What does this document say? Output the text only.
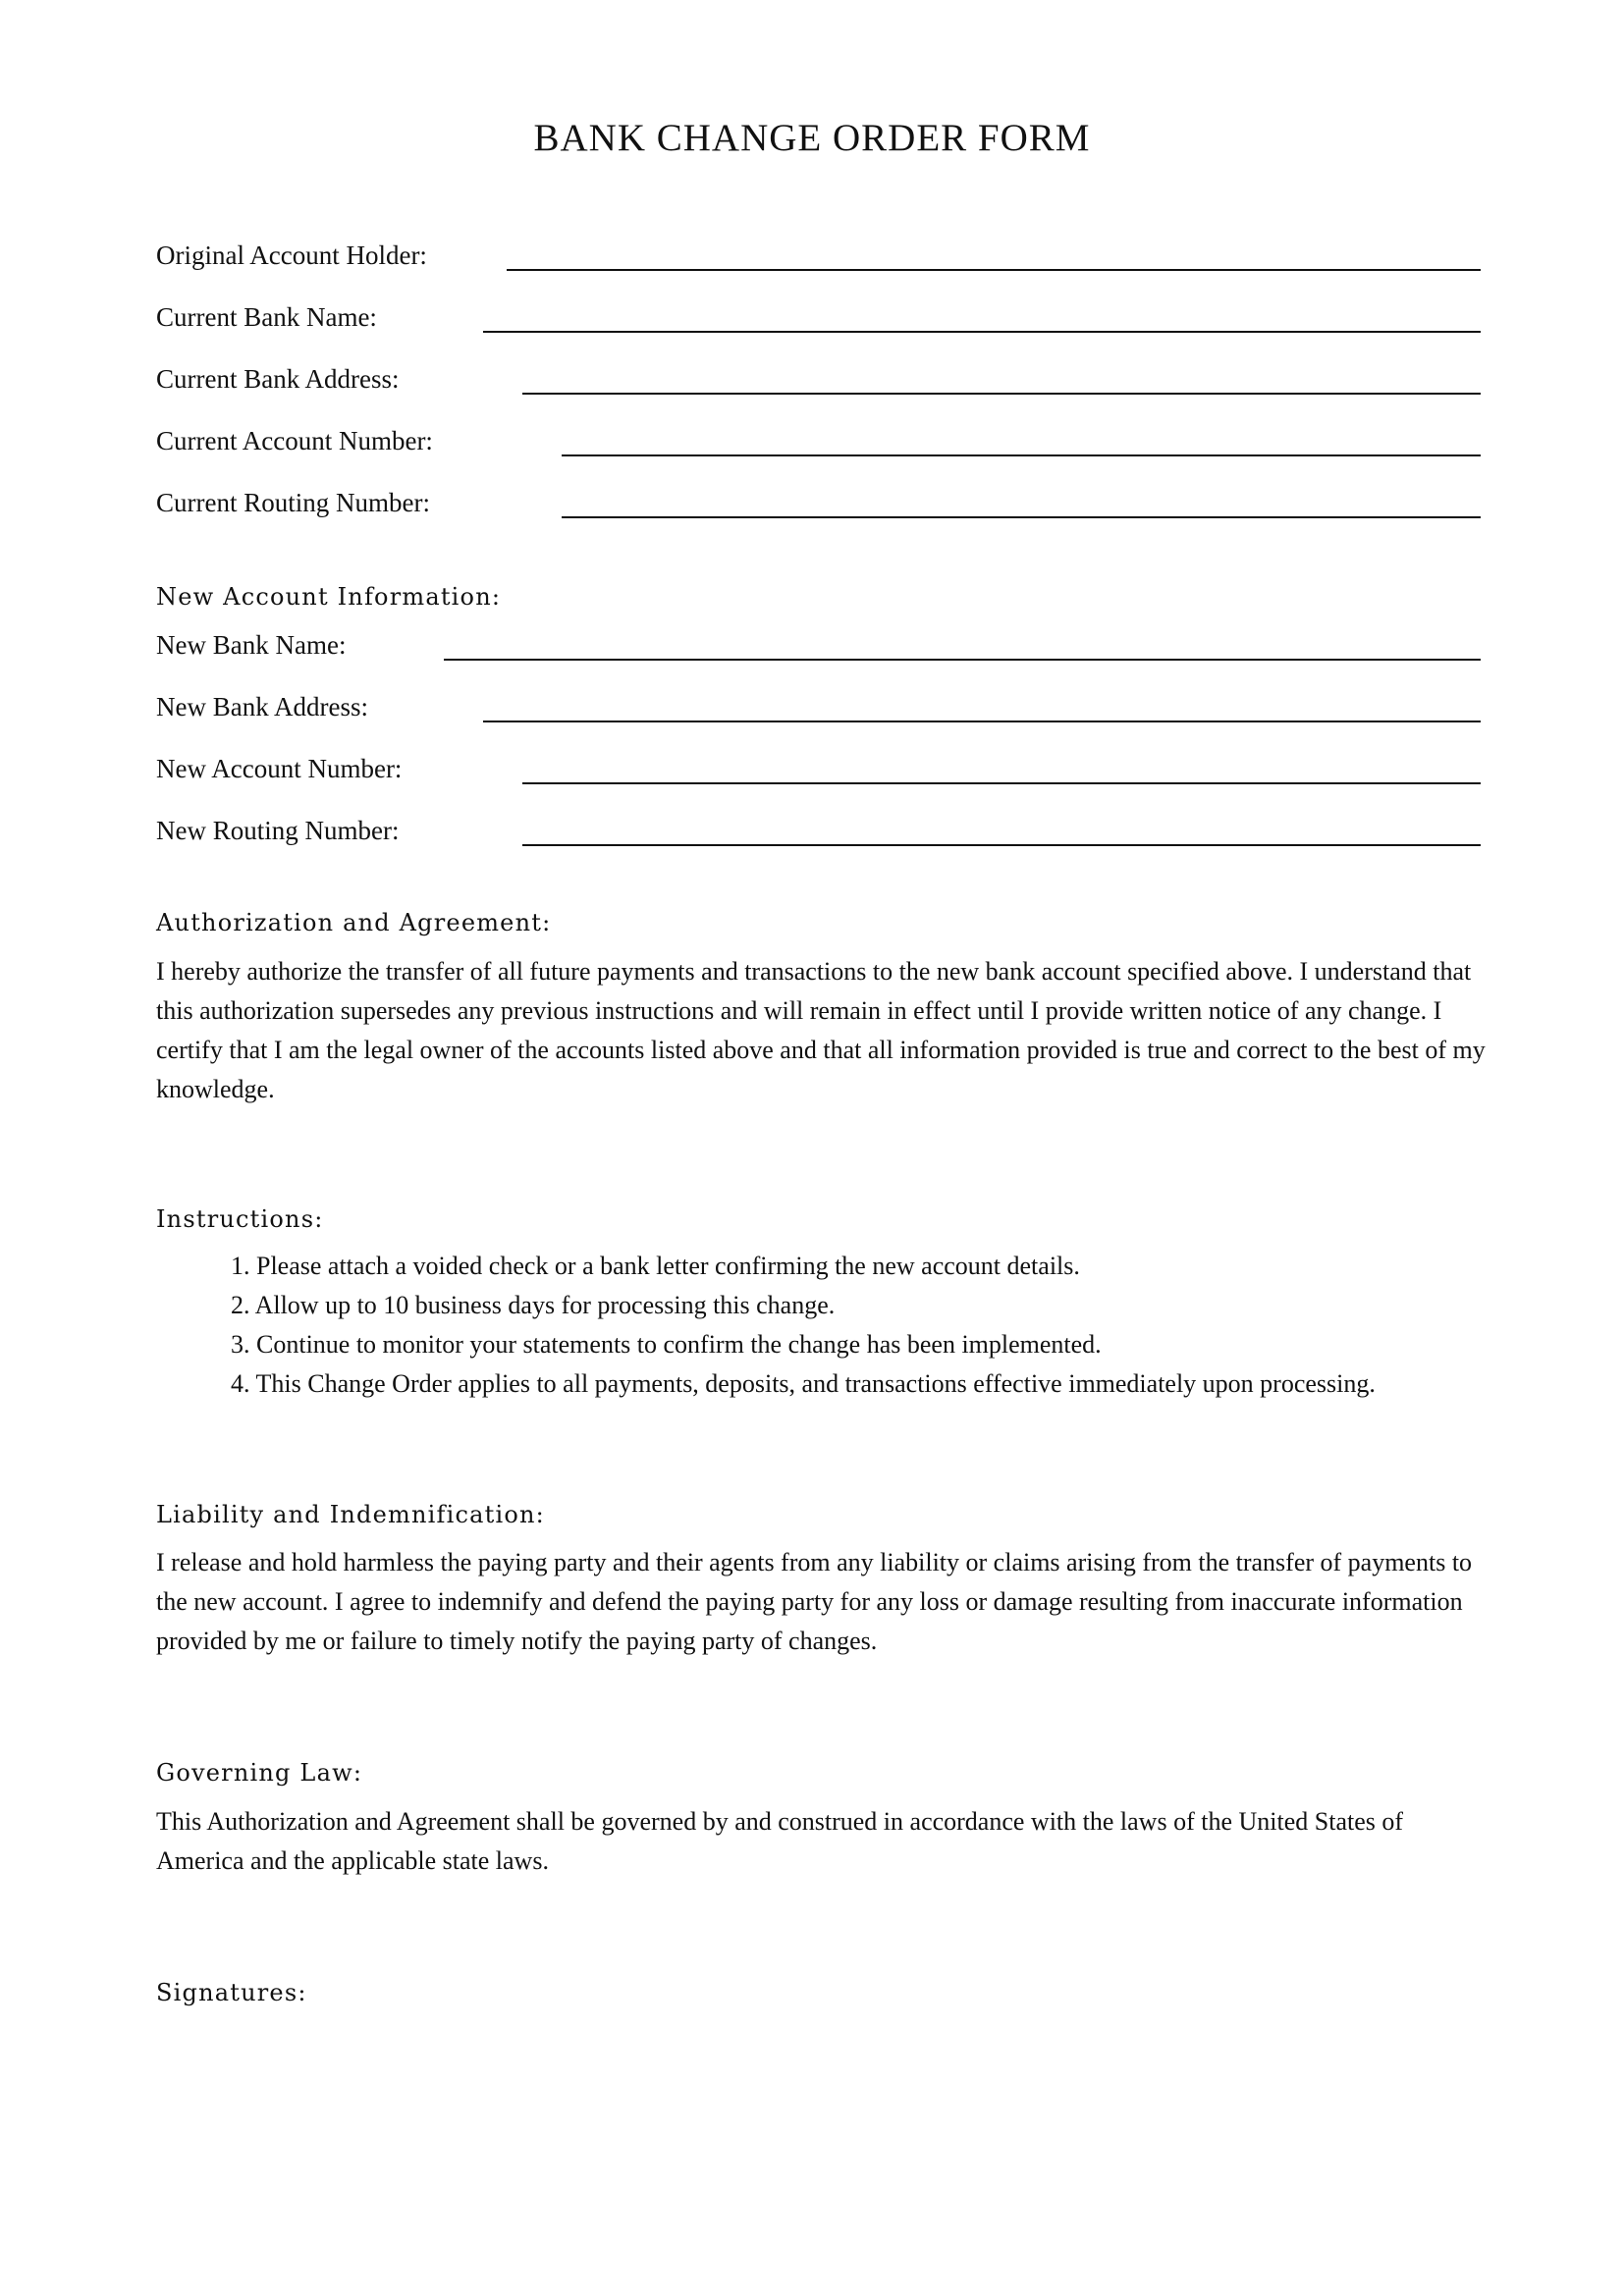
BANK CHANGE ORDER FORM
Original Account Holder:
Current Bank Name:
Current Bank Address:
Current Account Number:
Current Routing Number:
New Account Information:
New Bank Name:
New Bank Address:
New Account Number:
New Routing Number:
Authorization and Agreement:

I hereby authorize the transfer of all future payments and transactions to the new bank account specified above. I understand that this authorization supersedes any previous instructions and will remain in effect until I provide written notice of any change. I certify that I am the legal owner of the accounts listed above and that all information provided is true and correct to the best of my knowledge.

Instructions:
1. Please attach a voided check or a bank letter confirming the new account details.
2. Allow up to 10 business days for processing this change.
3. Continue to monitor your statements to confirm the change has been implemented.
4. This Change Order applies to all payments, deposits, and transactions effective immediately upon processing.
Liability and Indemnification:

I release and hold harmless the paying party and their agents from any liability or claims arising from the transfer of payments to the new account. I agree to indemnify and defend the paying party for any loss or damage resulting from inaccurate information provided by me or failure to timely notify the paying party of changes.

Governing Law:

This Authorization and Agreement shall be governed by and construed in accordance with the laws of the United States of America and the applicable state laws.

Signatures:
